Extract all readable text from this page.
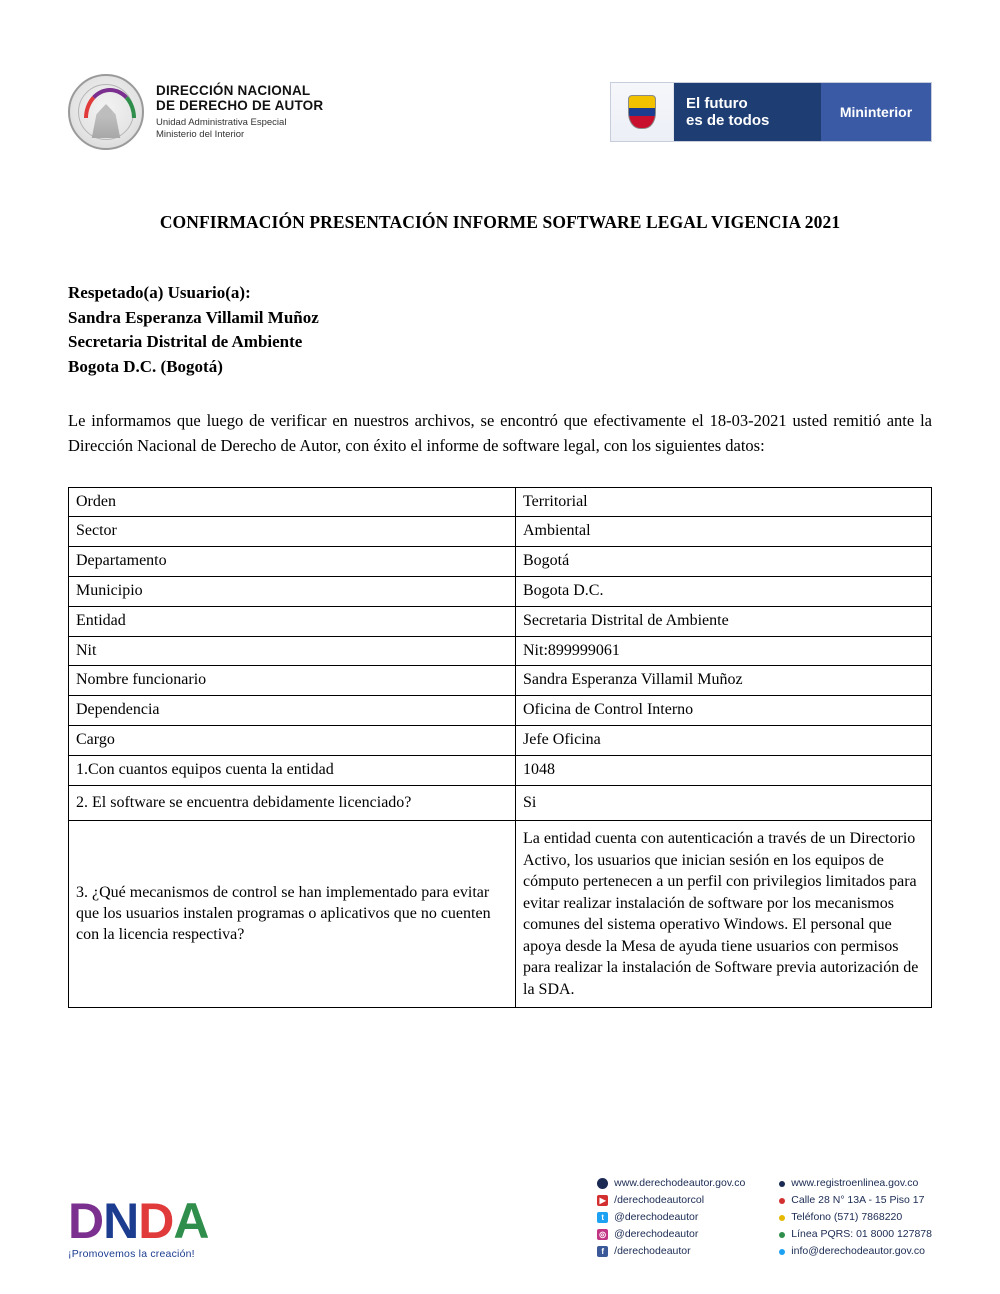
DIRECCIÓN NACIONAL
DE DERECHO DE AUTOR
Unidad Administrativa Especial
Ministerio del Interior
El futuro
es de todos	Mininterior
CONFIRMACIÓN PRESENTACIÓN INFORME SOFTWARE LEGAL VIGENCIA 2021
Respetado(a) Usuario(a):
Sandra Esperanza Villamil Muñoz
Secretaria Distrital de Ambiente
Bogota D.C. (Bogotá)
Le informamos que luego de verificar en nuestros archivos, se encontró que efectivamente el 18-03-2021 usted remitió ante la Dirección Nacional de Derecho de Autor, con éxito el informe de software legal, con los siguientes datos:
Orden	Territorial
Sector	Ambiental
Departamento	Bogotá
Municipio	Bogota D.C.
Entidad	Secretaria Distrital de Ambiente
Nit	Nit:899999061
Nombre funcionario	Sandra Esperanza Villamil Muñoz
Dependencia	Oficina de Control Interno
Cargo	Jefe Oficina
1.Con cuantos equipos cuenta la entidad	1048
2. El software se encuentra debidamente licenciado?	Si
3. ¿Qué mecanismos de control se han implementado para evitar que los usuarios instalen programas o aplicativos que no cuenten con la licencia respectiva?	La entidad cuenta con autenticación a través de un Directorio Activo, los usuarios que inician sesión en los equipos de cómputo pertenecen a un perfil con privilegios limitados para evitar realizar instalación de software por los mecanismos comunes del sistema operativo Windows. El personal que apoya desde la Mesa de ayuda tiene usuarios con permisos para realizar la instalación de Software previa autorización de la SDA.
DNDA
¡Promovemos la creación!
www.derechodeautor.gov.co
▶ /derechodeautorcol
t @derechodeautor
◎ @derechodeautor
f /derechodeautor
www.registroenlinea.gov.co
Calle 28 N° 13A - 15 Piso 17
Teléfono (571) 7868220
Línea PQRS: 01 8000 127878
info@derechodeautor.gov.co
